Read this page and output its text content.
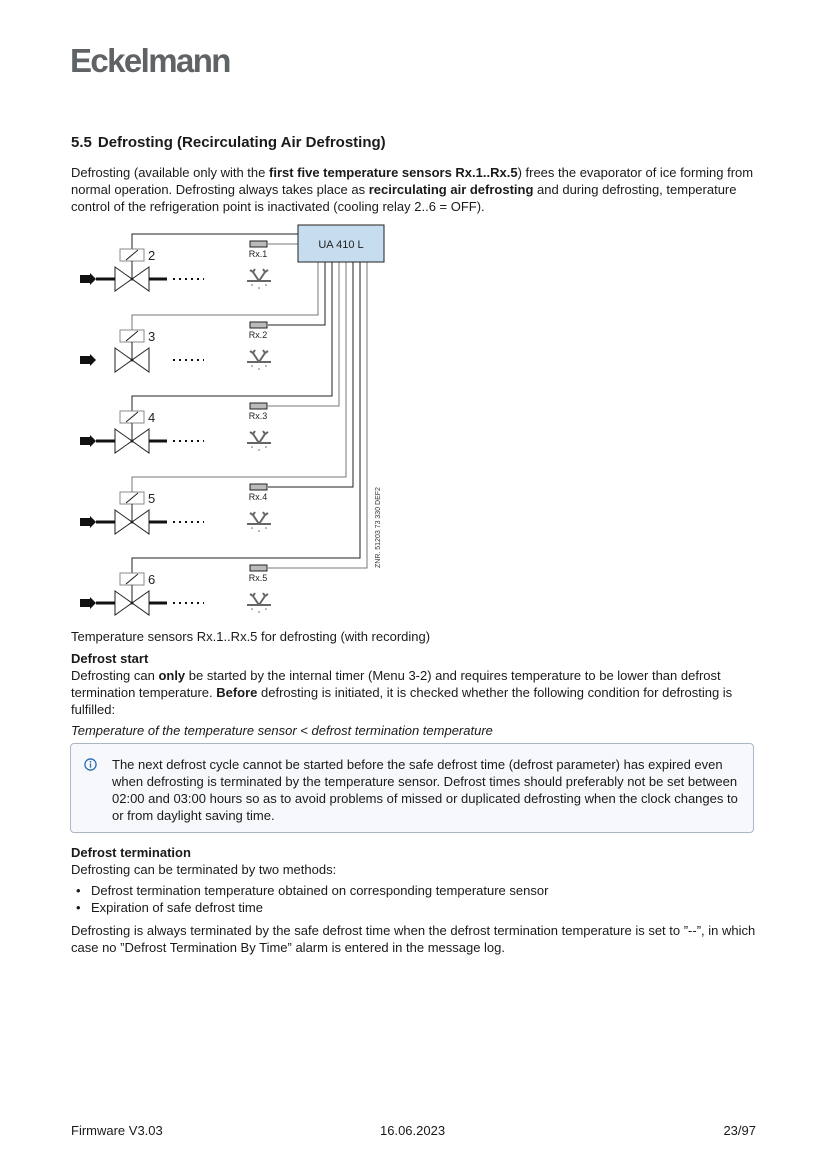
Eckelmann
5.5 Defrosting (Recirculating Air Defrosting)

Defrosting (available only with the first five temperature sensors Rx.1..Rx.5) frees the evaporator of ice forming from normal operation. Defrosting always takes place as recirculating air defrosting and during defrosting, temperature control of the refrigeration point is inactivated (cooling relay 2..6 = OFF).

2	Rx.1
3	Rx.2
4	Rx.3
5	Rx.4
6	Rx.5
UA 410 L
ZNR. 51203 73 330 DEF2

Temperature sensors Rx.1..Rx.5 for defrosting (with recording)

Defrost start

Defrosting can only be started by the internal timer (Menu 3-2) and requires temperature to be lower than defrost termination temperature. Before defrosting is initiated, it is checked whether the following condition for defrosting is fulfilled:

Temperature of the temperature sensor < defrost termination temperature

The next defrost cycle cannot be started before the safe defrost time (defrost parameter) has expired even when defrosting is terminated by the temperature sensor. Defrost times should preferably not be set between 02:00 and 03:00 hours so as to avoid problems of missed or duplicated defrosting when the clock changes to or from daylight saving time.

Defrost termination

Defrosting can be terminated by two methods:

• Defrost termination temperature obtained on corresponding temperature sensor
• Expiration of safe defrost time

Defrosting is always terminated by the safe defrost time when the defrost termination temperature is set to ”--”, in which case no ”Defrost Termination By Time” alarm is entered in the message log.

Firmware V3.03	16.06.2023	23/97
